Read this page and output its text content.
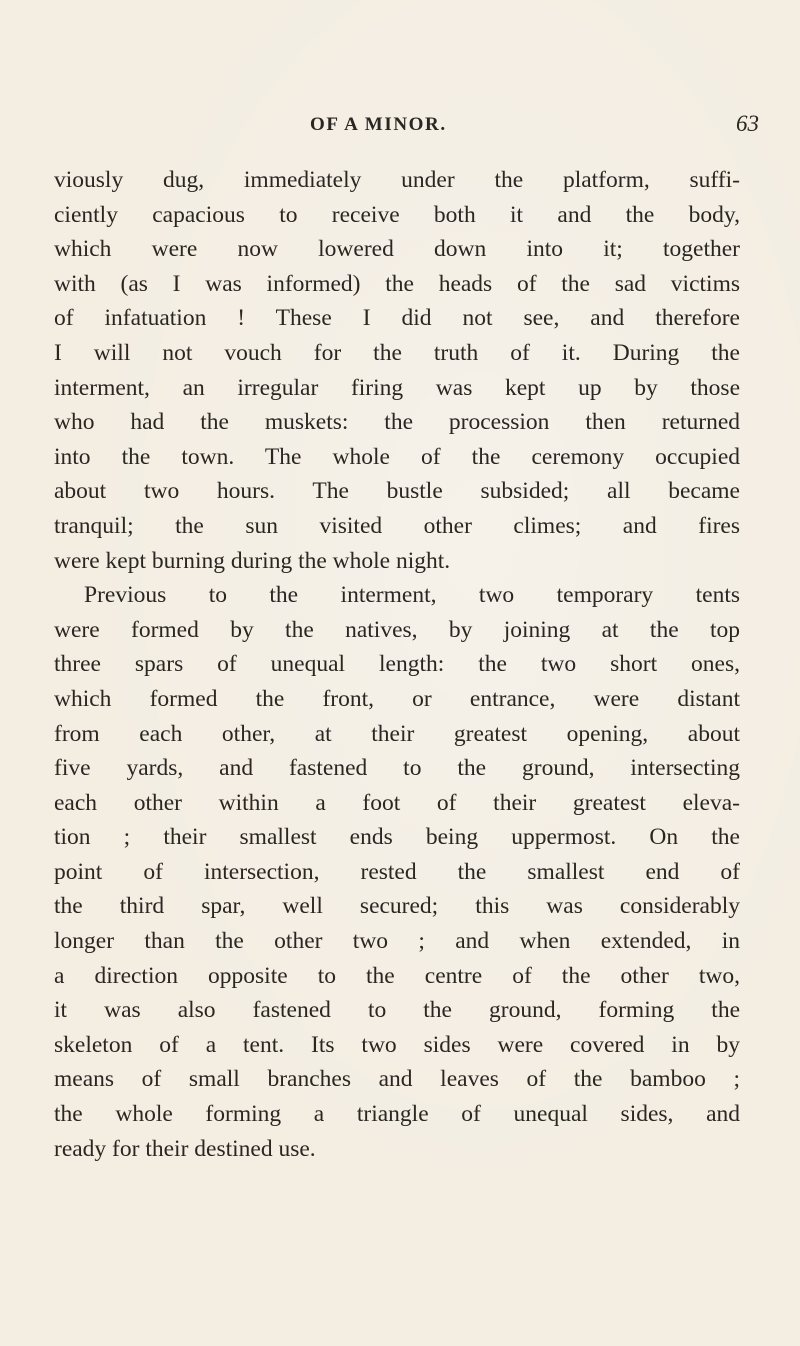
OF A MINOR.	63
viously dug, immediately under the platform, suffi-
ciently capacious to receive both it and the body,
which were now lowered down into it; together
with (as I was informed) the heads of the sad victims
of infatuation ! These I did not see, and therefore
I will not vouch for the truth of it. During the
interment, an irregular firing was kept up by those
who had the muskets: the procession then returned
into the town. The whole of the ceremony occupied
about two hours. The bustle subsided; all became
tranquil; the sun visited other climes; and fires
were kept burning during the whole night.
Previous to the interment, two temporary tents
were formed by the natives, by joining at the top
three spars of unequal length: the two short ones,
which formed the front, or entrance, were distant
from each other, at their greatest opening, about
five yards, and fastened to the ground, intersecting
each other within a foot of their greatest eleva-
tion ; their smallest ends being uppermost. On the
point of intersection, rested the smallest end of
the third spar, well secured; this was considerably
longer than the other two ; and when extended, in
a direction opposite to the centre of the other two,
it was also fastened to the ground, forming the
skeleton of a tent. Its two sides were covered in by
means of small branches and leaves of the bamboo ;
the whole forming a triangle of unequal sides, and
ready for their destined use.
